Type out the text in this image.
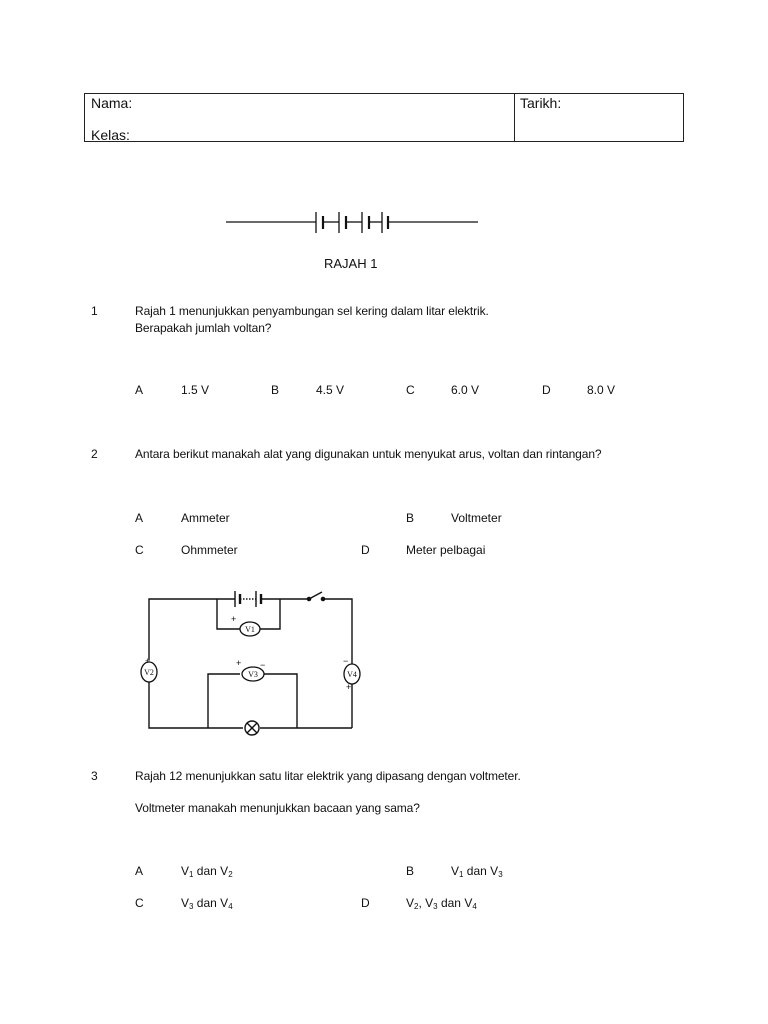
Nama:
Kelas:
Tarikh:
RAJAH 1
1	Rajah 1 menunjukkan penyambungan sel kering dalam litar elektrik.
Berapakah jumlah voltan?
A	1.5 V	B	4.5 V	C	6.0 V	D	8.0 V
2	Antara berikut manakah alat yang digunakan untuk menyukat arus, voltan dan rintangan?
A	Ammeter	B	Voltmeter
C	Ohmmeter	D	Meter pelbagai
V1
V2	V3	V4
+
+	+ −	−
+
3	Rajah 12 menunjukkan satu litar elektrik yang dipasang dengan voltmeter.
Voltmeter manakah menunjukkan bacaan yang sama?
A	$V_1$ dan $V_2$	B	$V_1$ dan $V_3$
C	$V_3$ dan $V_4$	D	$V_2$, $V_3$ dan $V_4$
